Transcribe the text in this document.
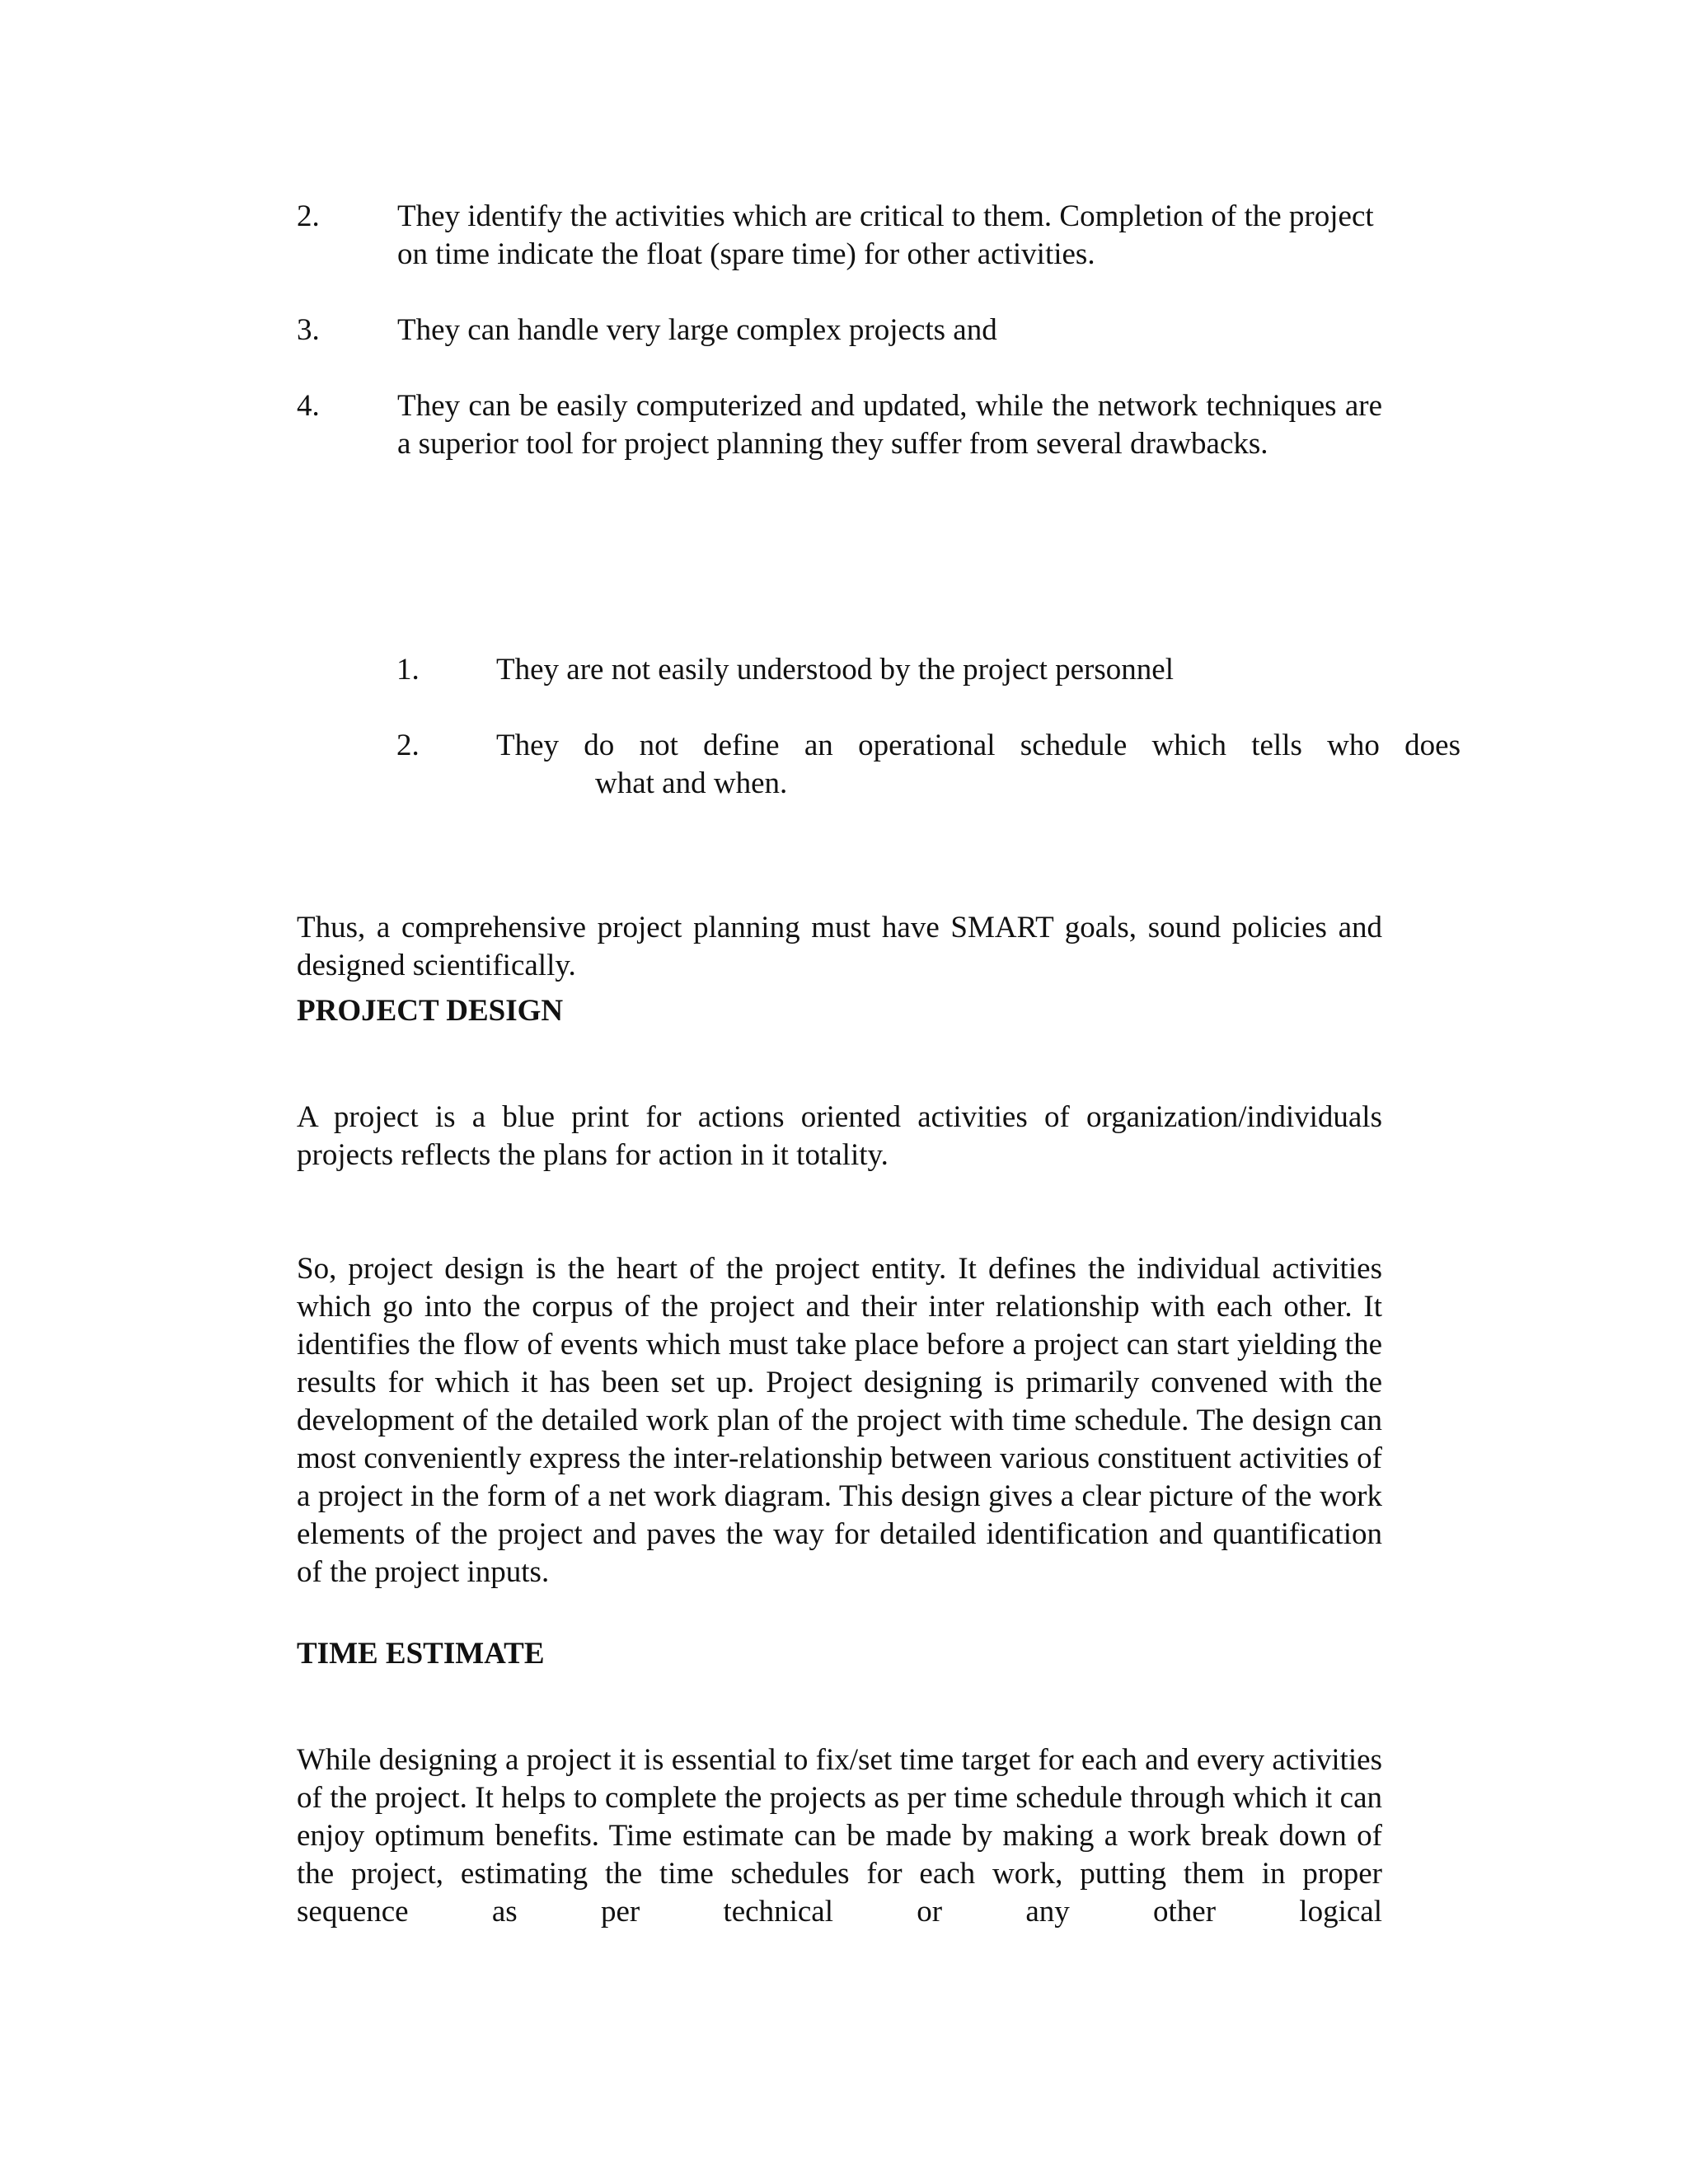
2.	They identify the activities which are critical to them. Completion of the project on time indicate the float (spare time) for other activities.
3.	They can handle very large complex projects and
4.	They can be easily computerized and updated, while the network techniques are a superior tool for project planning they suffer from several drawbacks.
1.	They are not easily understood by the project personnel
2.	They do not define an operational schedule which tells who does
what and when.

Thus, a comprehensive project planning must have SMART goals, sound policies and designed scientifically.

PROJECT DESIGN

A project is a blue print for actions oriented activities of organization/individuals projects reflects the plans for action in it totality.

So, project design is the heart of the project entity. It defines the individual activities which go into the corpus of the project and their inter relationship with each other. It identifies the flow of events which must take place before a project can start yielding the results for which it has been set up. Project designing is primarily convened with the development of the detailed work plan of the project with time schedule. The design can most conveniently express the inter-relationship between various constituent activities of a project in the form of a net work diagram. This design gives a clear picture of the work elements of the project and paves the way for detailed identification and quantification of the project inputs.

TIME ESTIMATE

While designing a project it is essential to fix/set time target for each and every activities of the project. It helps to complete the projects as per time schedule through which it can enjoy optimum benefits. Time estimate can be made by making a work break down of the project, estimating the time schedules for each work, putting them in proper sequence as per technical or any other logical
